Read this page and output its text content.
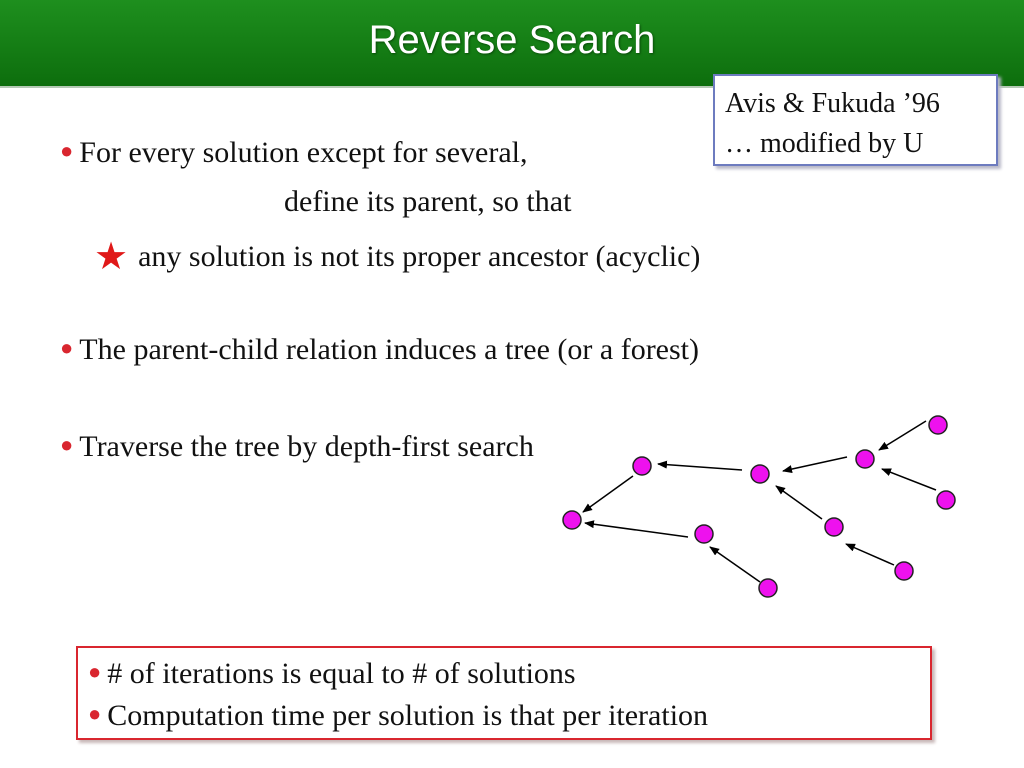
Reverse Search
Avis & Fukuda ’96
… modified by U
● For every solution except for several,
define its parent, so that
★ any solution is not its proper ancestor (acyclic)
● The parent-child relation induces a tree (or a forest)
● Traverse the tree by depth-first search
● # of iterations is equal to # of solutions
● Computation time per solution is that per iteration
